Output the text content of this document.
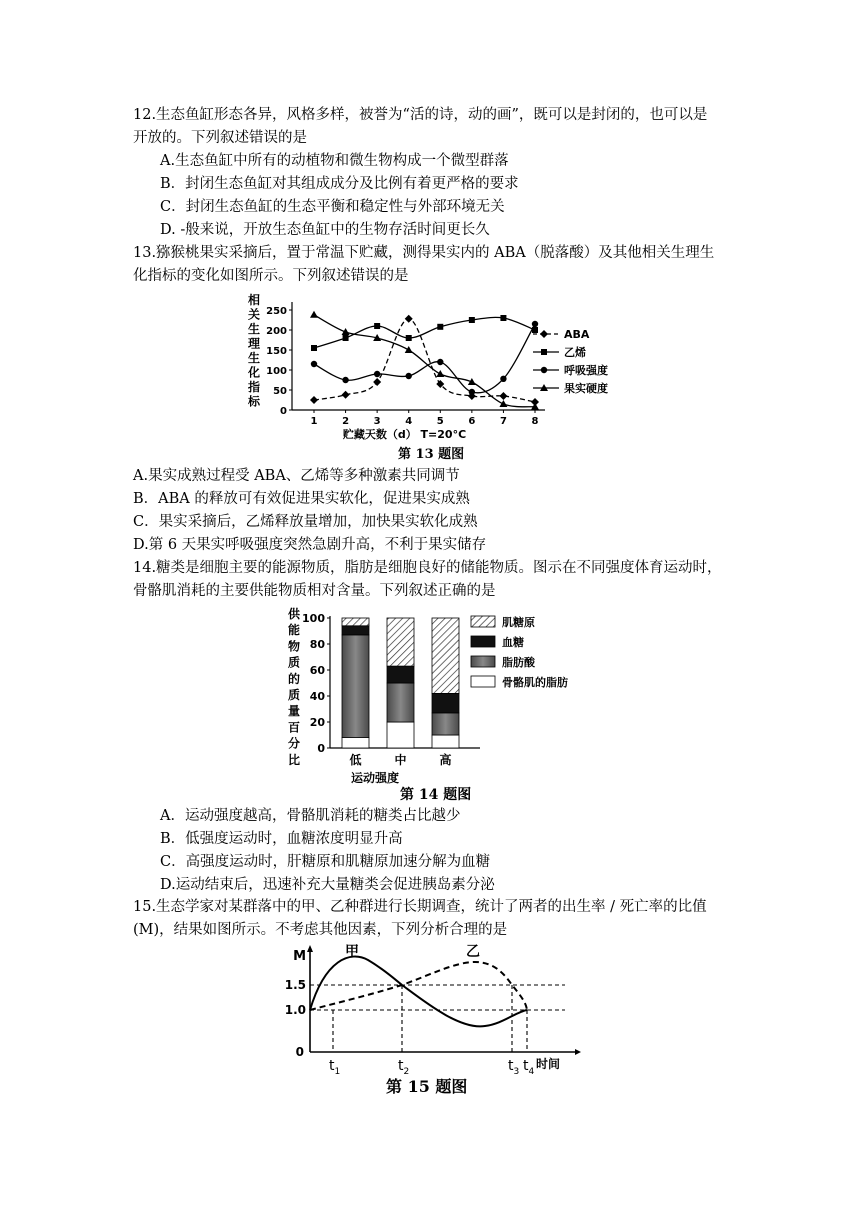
12.生态鱼缸形态各异，风格多样，被誉为“活的诗，动的画”，既可以是封闭的，也可以是
开放的。下列叙述错误的是
A.生态鱼缸中所有的动植物和微生物构成一个微型群落
B．封闭生态鱼缸对其组成成分及比例有着更严格的要求
C．封闭生态鱼缸的生态平衡和稳定性与外部环境无关
D. -般来说，开放生态鱼缸中的生物存活时间更长久
13.猕猴桃果实采摘后，置于常温下贮藏，测得果实内的 ABA（脱落酸）及其他相关生理生
化指标的变化如图所示。下列叙述错误的是
0
50
100
150
200
250
1 2 3 4 5 6 7 8
相
关
生
理
生
化
指
标
贮藏天数（d） T=20°C
ABA
乙烯
呼吸强度
果实硬度
第 13 题图
A.果实成熟过程受 ABA、乙烯等多种激素共同调节
B．ABA 的释放可有效促进果实软化，促进果实成熟
C．果实采摘后，乙烯释放量增加，加快果实软化成熟
D.第 6 天果实呼吸强度突然急剧升高，不利于果实储存
14.糖类是细胞主要的能源物质，脂肪是细胞良好的储能物质。图示在不同强度体育运动时，
骨骼肌消耗的主要供能物质相对含量。下列叙述正确的是
0
20
40
60
80
100
供
能
物
质
的
质
量
百
分
比	低	中	高
运动强度
肌糖原
血糖
脂肪酸
骨骼肌的脂肪
第 14 题图
A．运动强度越高，骨骼肌消耗的糖类占比越少
B．低强度运动时，血糖浓度明显升高
C．高强度运动时，肝糖原和肌糖原加速分解为血糖
D.运动结束后，迅速补充大量糖类会促进胰岛素分泌
15.生态学家对某群落中的甲、乙种群进行长期调查，统计了两者的出生率 / 死亡率的比值
(M)，结果如图所示。不考虑其他因素，下列分析合理的是
M
0
1.0
1.5
$t_1$	$t_2$	$t_3$ $t_4$
时间
甲	乙
第 15 题图
